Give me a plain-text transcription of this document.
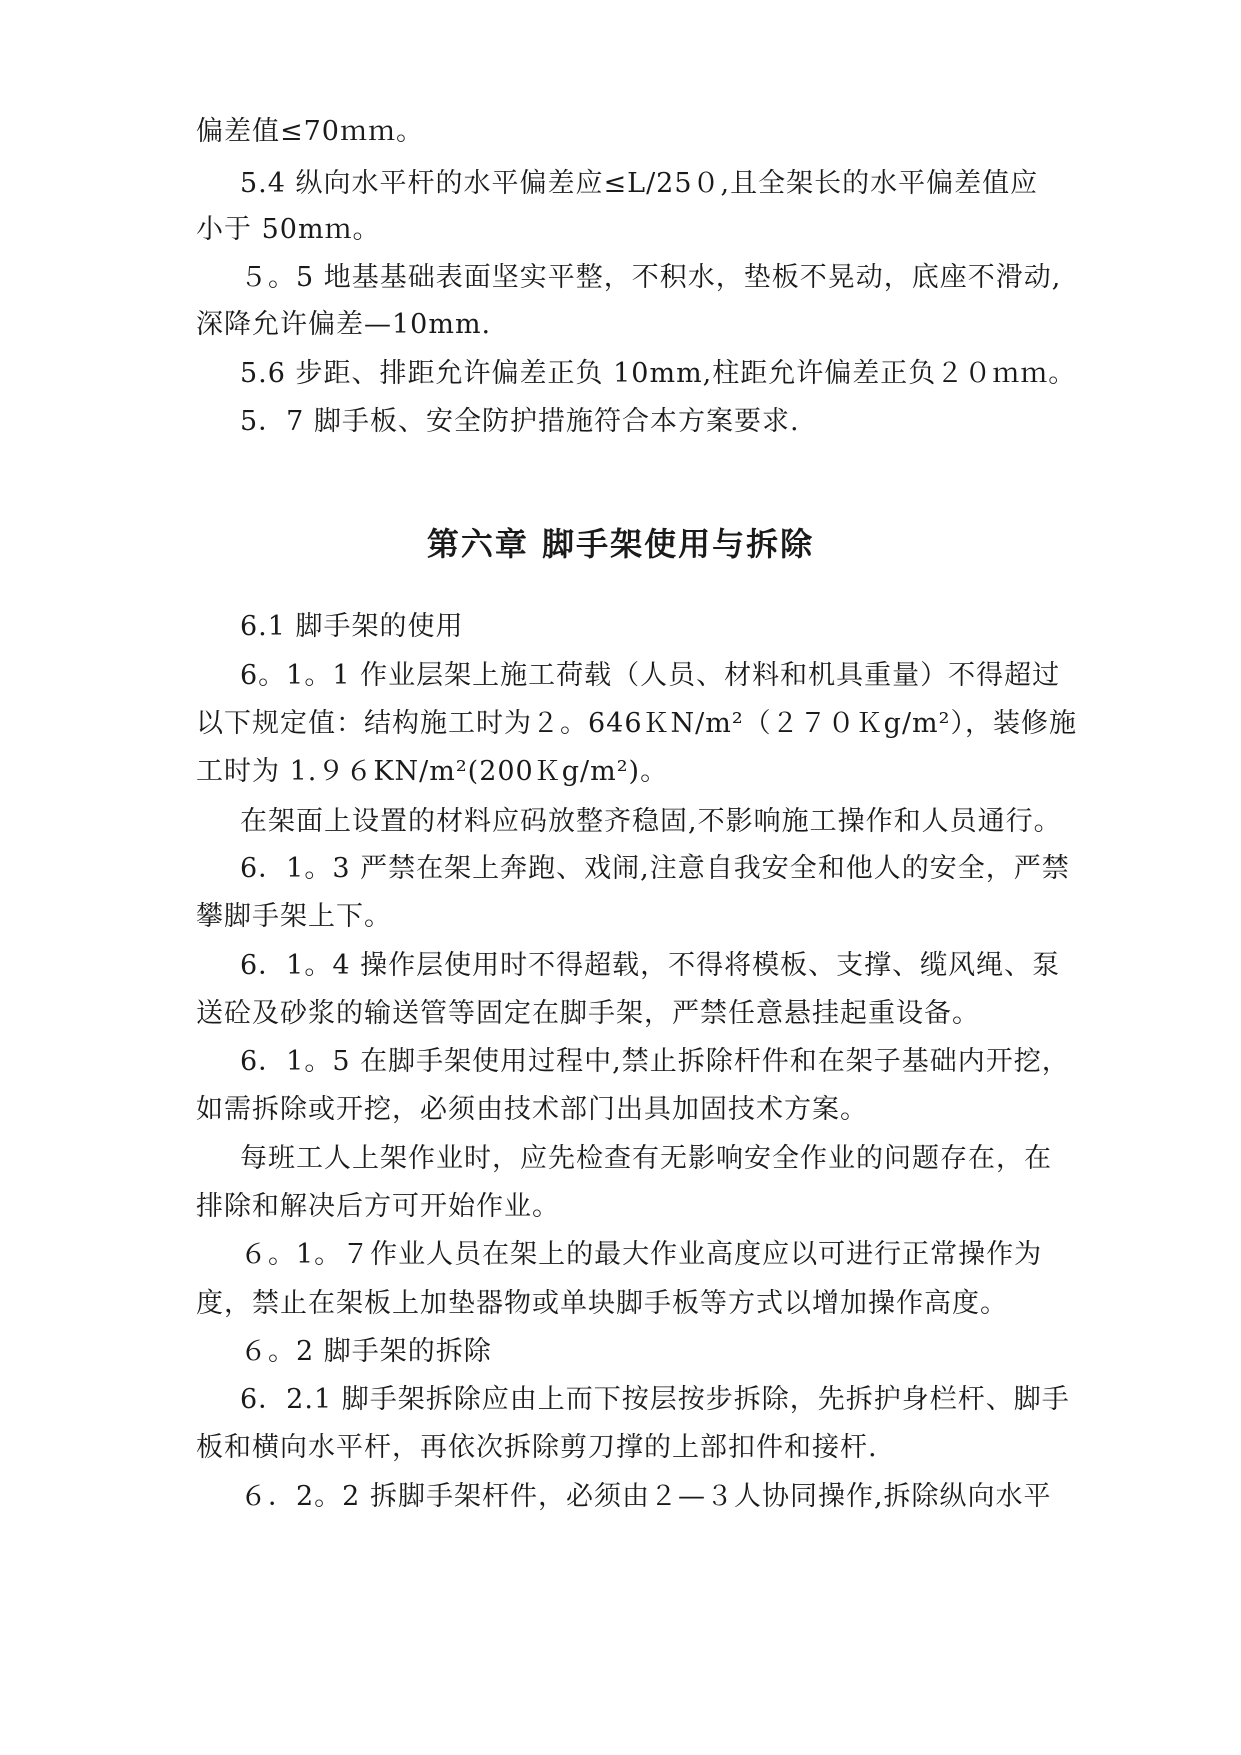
偏差值≤70ｍｍ。
5.4 纵向水平杆的水平偏差应≤L/25０,且全架长的水平偏差值应
小于 50mｍ。
５。5 地基基础表面坚实平整，不积水，垫板不晃动，底座不滑动,
深降允许偏差—10mm.
5.6 步距、排距允许偏差正负 10mm,柱距允许偏差正负２０ｍｍ。
5．7 脚手板、安全防护措施符合本方案要求.
第六章 脚手架使用与拆除
6.1 脚手架的使用
6。1。1 作业层架上施工荷载（人员、材料和机具重量）不得超过
以下规定值：结构施工时为２。646ＫN/m²（２７０Ｋg/m²），装修施
工时为 1.９６KN/m²(200Ｋg/m²)。
在架面上设置的材料应码放整齐稳固,不影响施工操作和人员通行。
6．1。3 严禁在架上奔跑、戏闹,注意自我安全和他人的安全，严禁
攀脚手架上下。
6．1。4 操作层使用时不得超载，不得将模板、支撑、缆风绳、泵
送砼及砂浆的输送管等固定在脚手架，严禁任意悬挂起重设备。
6．1。5 在脚手架使用过程中,禁止拆除杆件和在架子基础内开挖，
如需拆除或开挖，必须由技术部门出具加固技术方案。
每班工人上架作业时，应先检查有无影响安全作业的问题存在，在
排除和解决后方可开始作业。
６。1。７作业人员在架上的最大作业高度应以可进行正常操作为
度，禁止在架板上加垫器物或单块脚手板等方式以增加操作高度。
６。2 脚手架的拆除
6．2.1 脚手架拆除应由上而下按层按步拆除，先拆护身栏杆、脚手
板和横向水平杆，再依次拆除剪刀撑的上部扣件和接杆.
６．2。2 拆脚手架杆件，必须由２—３人协同操作,拆除纵向水平
